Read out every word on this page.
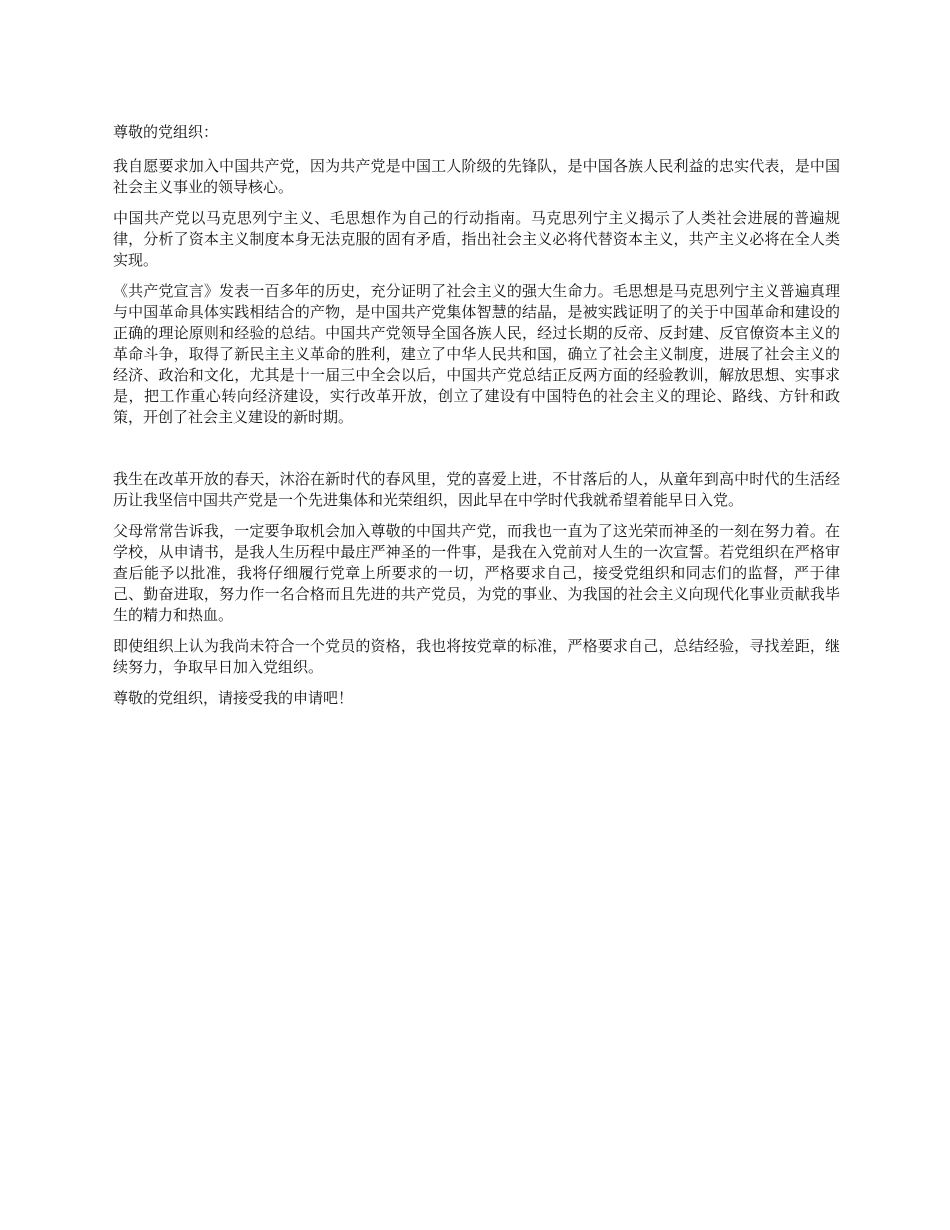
尊敬的党组织：

我自愿要求加入中国共产党，因为共产党是中国工人阶级的先锋队，是中国各族人民利益的忠实代表，是中国社会主义事业的领导核心。

中国共产党以马克思列宁主义、毛思想作为自己的行动指南。马克思列宁主义揭示了人类社会进展的普遍规律，分析了资本主义制度本身无法克服的固有矛盾，指出社会主义必将代替资本主义，共产主义必将在全人类实现。

《共产党宣言》发表一百多年的历史，充分证明了社会主义的强大生命力。毛思想是马克思列宁主义普遍真理与中国革命具体实践相结合的产物，是中国共产党集体智慧的结晶，是被实践证明了的关于中国革命和建设的正确的理论原则和经验的总结。中国共产党领导全国各族人民，经过长期的反帝、反封建、反官僚资本主义的革命斗争，取得了新民主主义革命的胜利，建立了中华人民共和国，确立了社会主义制度，进展了社会主义的经济、政治和文化，尤其是十一届三中全会以后，中国共产党总结正反两方面的经验教训，解放思想、实事求是，把工作重心转向经济建设，实行改革开放，创立了建设有中国特色的社会主义的理论、路线、方针和政策，开创了社会主义建设的新时期。

我生在改革开放的春天，沐浴在新时代的春风里，党的喜爱上进，不甘落后的人，从童年到高中时代的生活经历让我坚信中国共产党是一个先进集体和光荣组织，因此早在中学时代我就希望着能早日入党。

父母常常告诉我，一定要争取机会加入尊敬的中国共产党，而我也一直为了这光荣而神圣的一刻在努力着。在学校，从申请书，是我人生历程中最庄严神圣的一件事，是我在入党前对人生的一次宣誓。若党组织在严格审查后能予以批准，我将仔细履行党章上所要求的一切，严格要求自己，接受党组织和同志们的监督，严于律己、勤奋进取，努力作一名合格而且先进的共产党员，为党的事业、为我国的社会主义向现代化事业贡献我毕生的精力和热血。

即使组织上认为我尚未符合一个党员的资格，我也将按党章的标准，严格要求自己，总结经验，寻找差距，继续努力，争取早日加入党组织。

尊敬的党组织，请接受我的申请吧！
